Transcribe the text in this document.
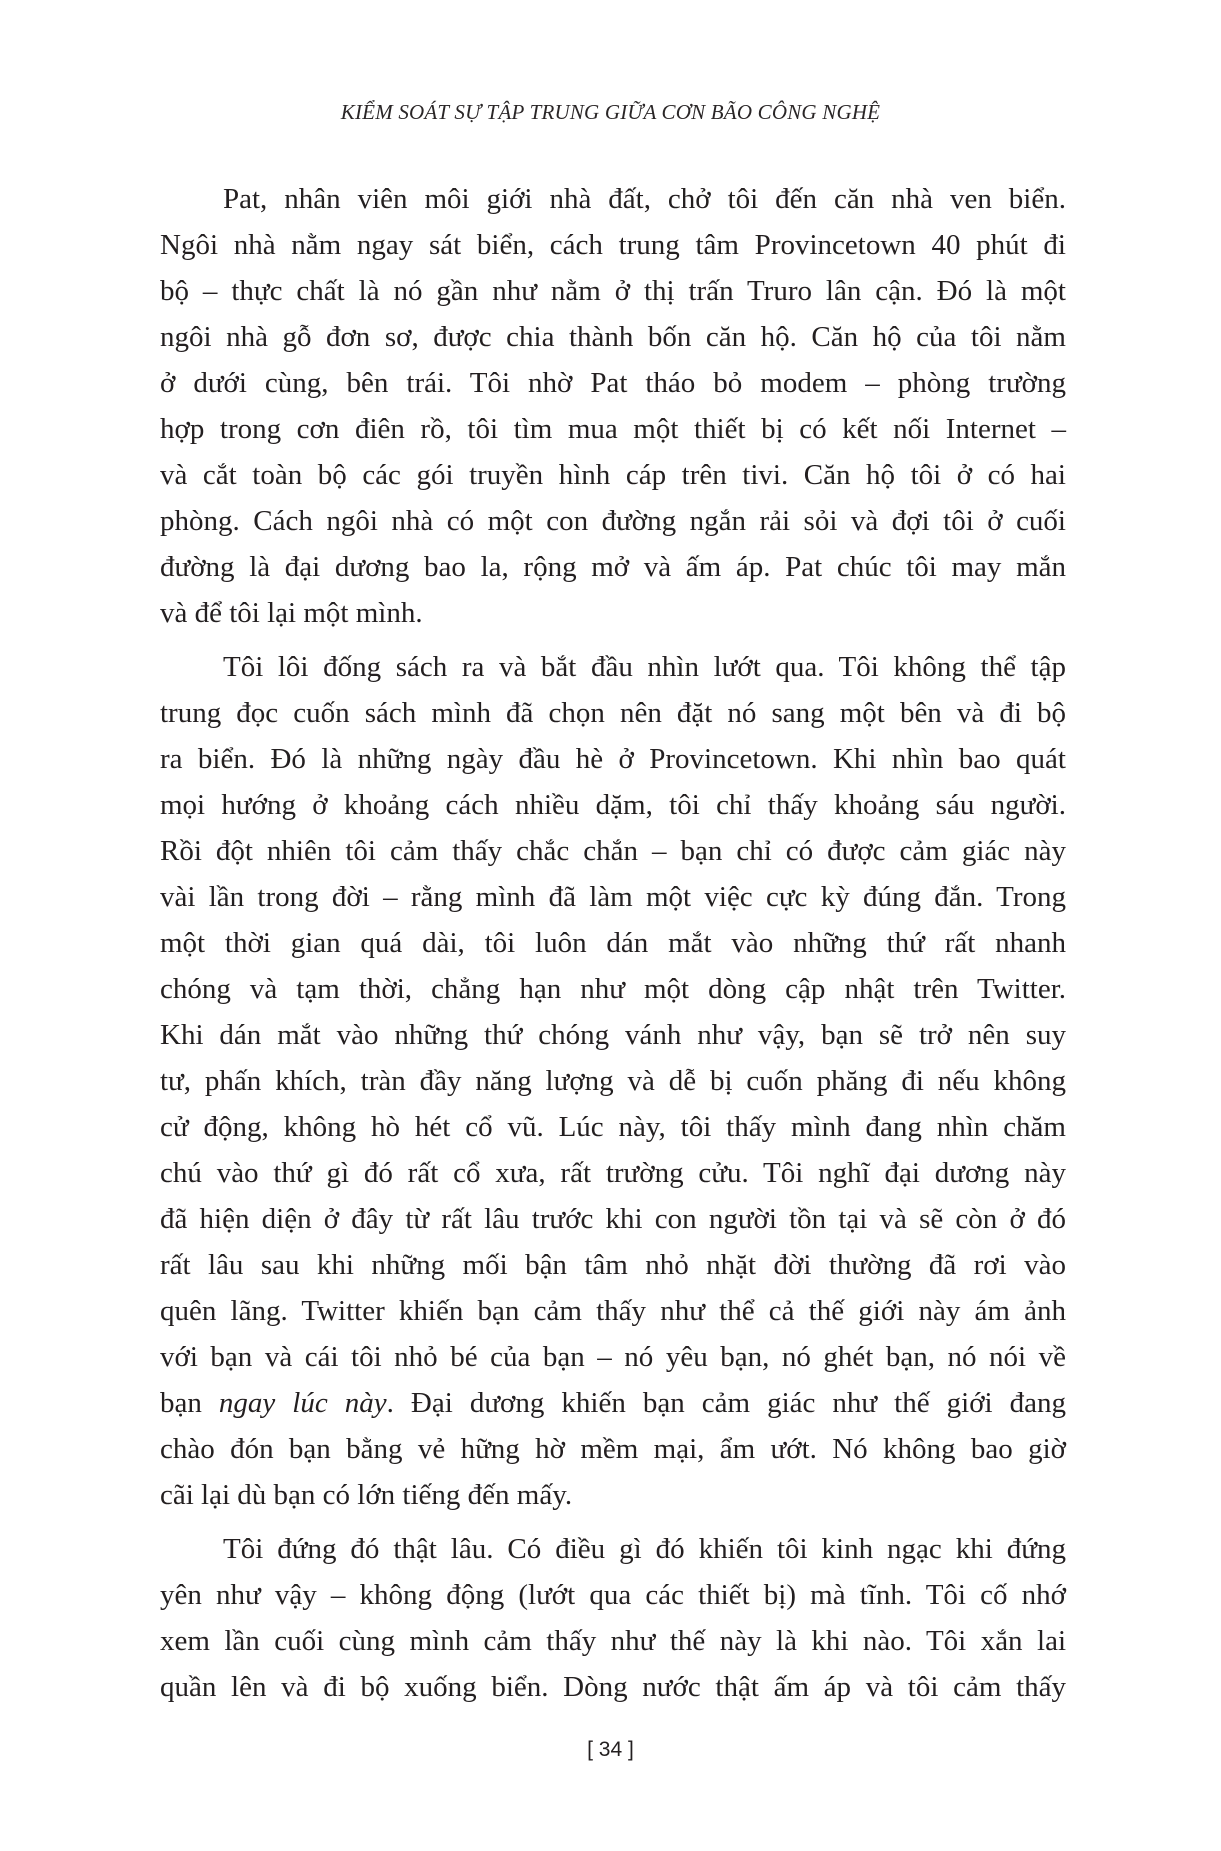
KIỂM SOÁT SỰ TẬP TRUNG GIỮA CƠN BÃO CÔNG NGHỆ
Pat, nhân viên môi giới nhà đất, chở tôi đến căn nhà ven biển.
Ngôi nhà nằm ngay sát biển, cách trung tâm Provincetown 40 phút đi
bộ – thực chất là nó gần như nằm ở thị trấn Truro lân cận. Đó là một
ngôi nhà gỗ đơn sơ, được chia thành bốn căn hộ. Căn hộ của tôi nằm
ở dưới cùng, bên trái. Tôi nhờ Pat tháo bỏ modem – phòng trường
hợp trong cơn điên rồ, tôi tìm mua một thiết bị có kết nối Internet –
và cắt toàn bộ các gói truyền hình cáp trên tivi. Căn hộ tôi ở có hai
phòng. Cách ngôi nhà có một con đường ngắn rải sỏi và đợi tôi ở cuối
đường là đại dương bao la, rộng mở và ấm áp. Pat chúc tôi may mắn
và để tôi lại một mình.
Tôi lôi đống sách ra và bắt đầu nhìn lướt qua. Tôi không thể tập
trung đọc cuốn sách mình đã chọn nên đặt nó sang một bên và đi bộ
ra biển. Đó là những ngày đầu hè ở Provincetown. Khi nhìn bao quát
mọi hướng ở khoảng cách nhiều dặm, tôi chỉ thấy khoảng sáu người.
Rồi đột nhiên tôi cảm thấy chắc chắn – bạn chỉ có được cảm giác này
vài lần trong đời – rằng mình đã làm một việc cực kỳ đúng đắn. Trong
một thời gian quá dài, tôi luôn dán mắt vào những thứ rất nhanh
chóng và tạm thời, chẳng hạn như một dòng cập nhật trên Twitter.
Khi dán mắt vào những thứ chóng vánh như vậy, bạn sẽ trở nên suy
tư, phấn khích, tràn đầy năng lượng và dễ bị cuốn phăng đi nếu không
cử động, không hò hét cổ vũ. Lúc này, tôi thấy mình đang nhìn chăm
chú vào thứ gì đó rất cổ xưa, rất trường cửu. Tôi nghĩ đại dương này
đã hiện diện ở đây từ rất lâu trước khi con người tồn tại và sẽ còn ở đó
rất lâu sau khi những mối bận tâm nhỏ nhặt đời thường đã rơi vào
quên lãng. Twitter khiến bạn cảm thấy như thể cả thế giới này ám ảnh
với bạn và cái tôi nhỏ bé của bạn – nó yêu bạn, nó ghét bạn, nó nói về
bạn ngay lúc này. Đại dương khiến bạn cảm giác như thế giới đang
chào đón bạn bằng vẻ hững hờ mềm mại, ẩm ướt. Nó không bao giờ
cãi lại dù bạn có lớn tiếng đến mấy.
Tôi đứng đó thật lâu. Có điều gì đó khiến tôi kinh ngạc khi đứng
yên như vậy – không động (lướt qua các thiết bị) mà tĩnh. Tôi cố nhớ
xem lần cuối cùng mình cảm thấy như thế này là khi nào. Tôi xắn lai
quần lên và đi bộ xuống biển. Dòng nước thật ấm áp và tôi cảm thấy
[ 34 ]
